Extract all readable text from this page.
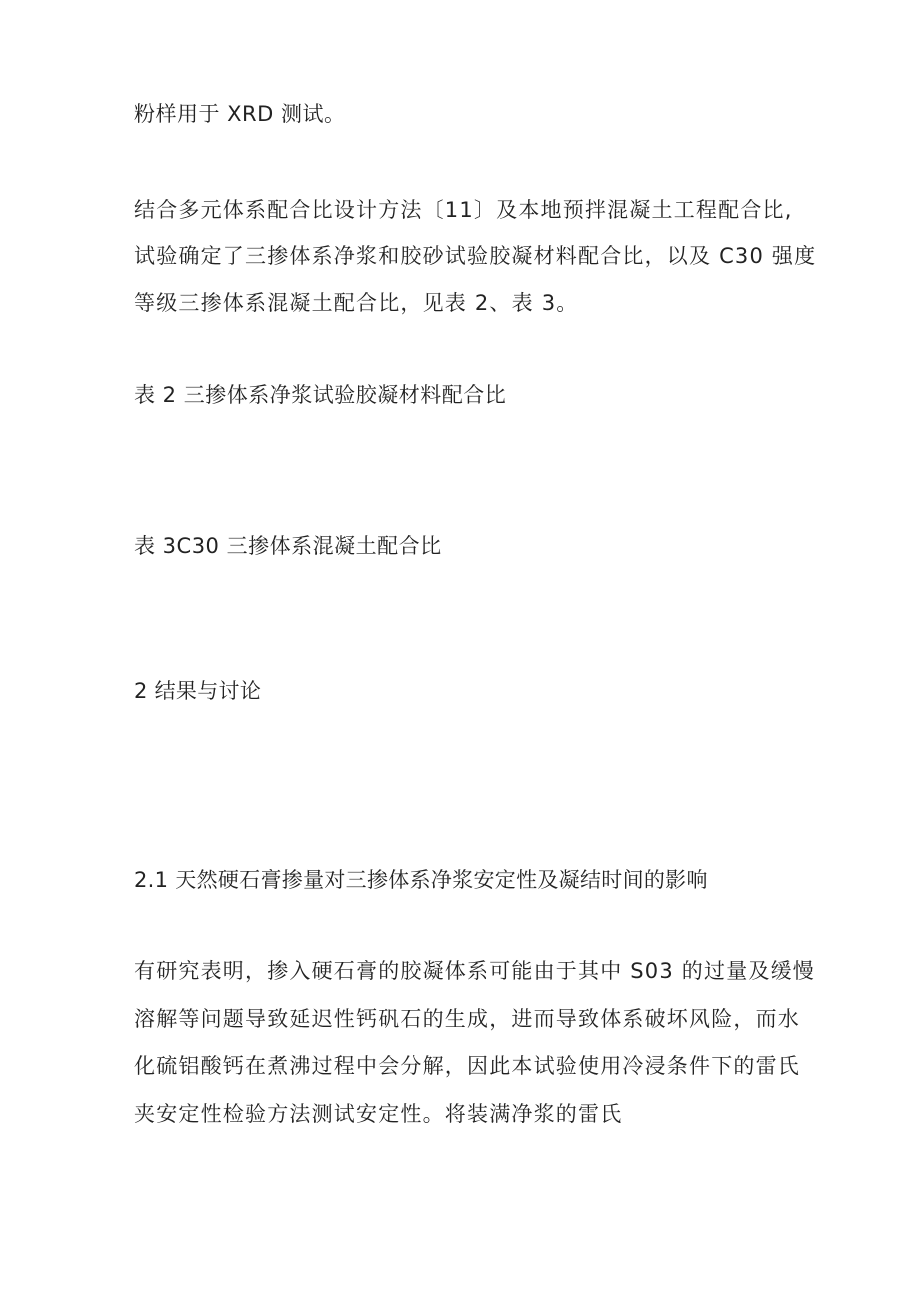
粉样用于 XRD 测试。
结合多元体系配合比设计方法〔11〕及本地预拌混凝土工程配合比,
试验确定了三掺体系净浆和胶砂试验胶凝材料配合比，以及 C30 强度
等级三掺体系混凝土配合比，见表 2、表 3。
表 2 三掺体系净浆试验胶凝材料配合比
表 3C30 三掺体系混凝土配合比
2 结果与讨论
2.1 天然硬石膏掺量对三掺体系净浆安定性及凝结时间的影响
有研究表明，掺入硬石膏的胶凝体系可能由于其中 S03 的过量及缓慢
溶解等问题导致延迟性钙矾石的生成，进而导致体系破坏风险，而水
化硫铝酸钙在煮沸过程中会分解，因此本试验使用冷浸条件下的雷氏
夹安定性检验方法测试安定性。将装满净浆的雷氏
